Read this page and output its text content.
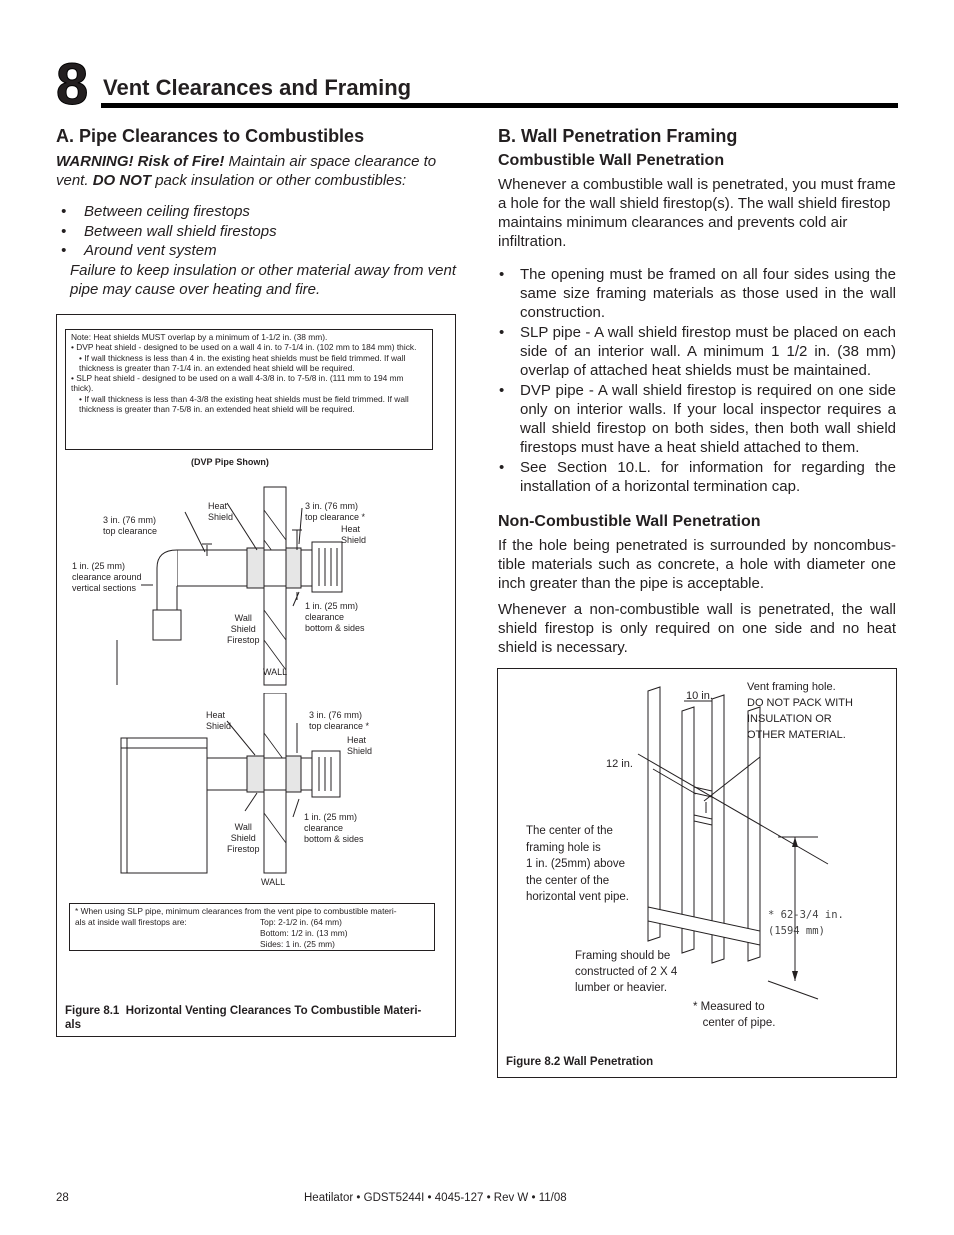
8 Vent Clearances and Framing
A. Pipe Clearances to Combustibles

WARNING! Risk of Fire! Maintain air space clearance to vent. DO NOT pack insulation or other combustibles:

• Between ceiling firestops
• Between wall shield firestops
• Around vent system

Failure to keep insulation or other material away from vent pipe may cause over heating and fire.

B. Wall Penetration Framing
Combustible Wall Penetration

Whenever a combustible wall is penetrated, you must frame a hole for the wall shield firestop(s). The wall shield firestop maintains minimum clearances and prevents cold air infiltration.

• The opening must be framed on all four sides using the same size framing materials as those used in the wall construction.
• SLP pipe - A wall shield firestop must be placed on each side of an interior wall. A minimum 1 1/2 in. (38 mm) overlap of attached heat shields must be maintained.
• DVP pipe - A wall shield firestop is required on one side only on interior walls. If your local inspector requires a wall shield firestop on both sides, then both wall shield firestops must have a heat shield attached to them.
• See Section 10.L. for information for regarding the installation of a horizontal termination cap.
Non-Combustible Wall Penetration

If the hole being penetrated is surrounded by noncombus-tible materials such as concrete, a hole with diameter one inch greater than the pipe is acceptable.

Whenever a non-combustible wall is penetrated, the wall shield firestop is only required on one side and no heat shield is necessary.

Note: Heat shields MUST overlap by a minimum of 1-1/2 in. (38 mm).
• DVP heat shield - designed to be used on a wall 4 in. to 7-1/4 in. (102 mm to 184 mm) thick.
• If wall thickness is less than 4 in. the existing heat shields must be field trimmed. If wall thickness is greater than 7-1/4 in. an extended heat shield will be required.
• SLP heat shield - designed to be used on a wall 4-3/8 in. to 7-5/8 in. (111 mm to 194 mm thick).
• If wall thickness is less than 4-3/8 the existing heat shields must be field trimmed. If wall thickness is greater than 7-5/8 in. an extended heat shield will be required.
(DVP Pipe Shown)
Heat
Shield
3 in. (76 mm)
top clearance
3 in. (76 mm)
top clearance *
Heat
Shield
1 in. (25 mm)
clearance around
vertical sections
Wall
Shield
Firestop
1 in. (25 mm)
clearance
bottom & sides
WALL
Heat
Shield
3 in. (76 mm)
top clearance *
Heat
Shield
Wall
Shield
Firestop
1 in. (25 mm)
clearance
bottom & sides
WALL
* When using SLP pipe, minimum clearances from the vent pipe to combustible materi-
als at inside wall firestops are:	Top: 2-1/2 in. (64 mm)
Bottom: 1/2 in. (13 mm)
Sides: 1 in. (25 mm)
Figure 8.1  Horizontal Venting Clearances To Combustible Materi-
als
Vent framing hole.
DO NOT PACK WITH
INSULATION OR
OTHER MATERIAL.
10 in.
12 in.
The center of the
framing hole is
1 in. (25mm) above
the center of the
horizontal vent pipe.
* 62-3/4 in.
(1594 mm)
Framing should be
constructed of 2 X 4
lumber or heavier.
* Measured to
center of pipe.
Figure 8.2 Wall Penetration
28	Heatilator • GDST5244I • 4045-127 • Rev W • 11/08
